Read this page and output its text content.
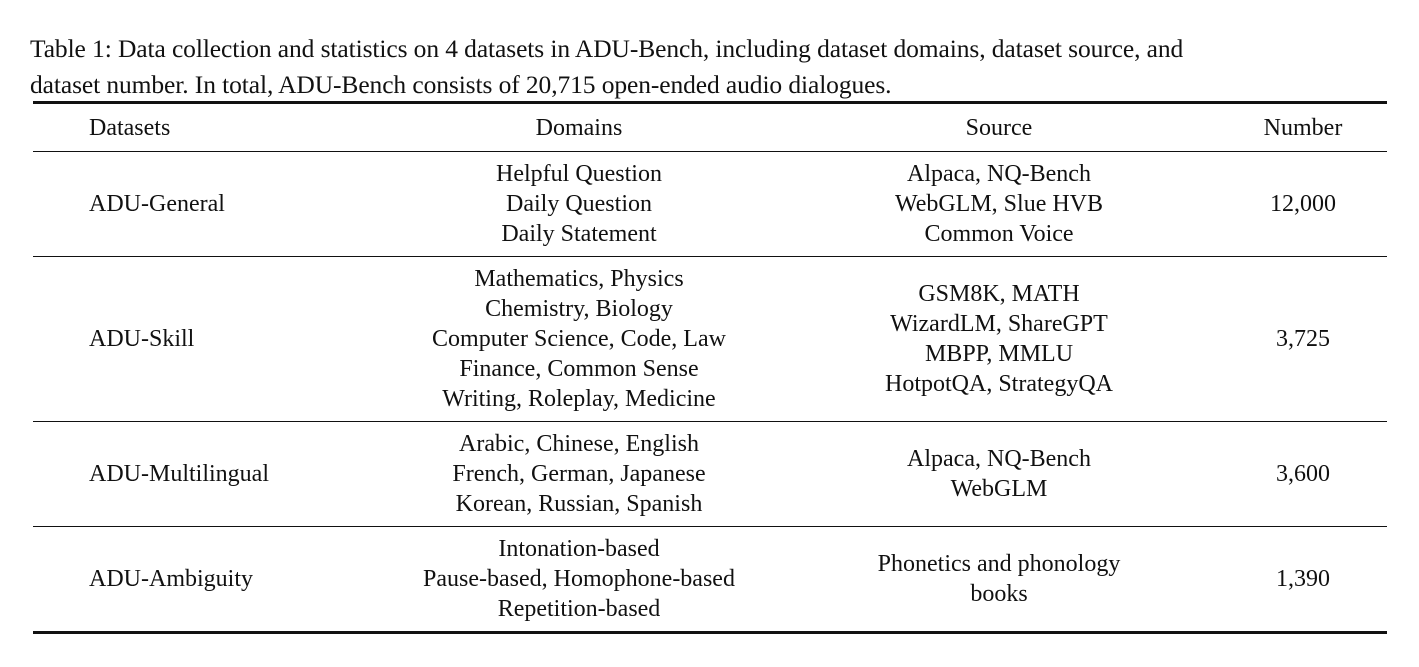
Table 1: Data collection and statistics on 4 datasets in ADU-Bench, including dataset domains, dataset source, and
dataset number. In total, ADU-Bench consists of 20,715 open-ended audio dialogues.

Datasets	Domains	Source	Number
ADU-General	Helpful Question
Daily Question
Daily Statement	Alpaca, NQ-Bench
WebGLM, Slue HVB
Common Voice	12,000
ADU-Skill	Mathematics, Physics
Chemistry, Biology
Computer Science, Code, Law
Finance, Common Sense
Writing, Roleplay, Medicine	GSM8K, MATH
WizardLM, ShareGPT
MBPP, MMLU
HotpotQA, StrategyQA	3,725
ADU-Multilingual	Arabic, Chinese, English
French, German, Japanese
Korean, Russian, Spanish	Alpaca, NQ-Bench
WebGLM	3,600
ADU-Ambiguity	Intonation-based
Pause-based, Homophone-based
Repetition-based	Phonetics and phonology
books	1,390
